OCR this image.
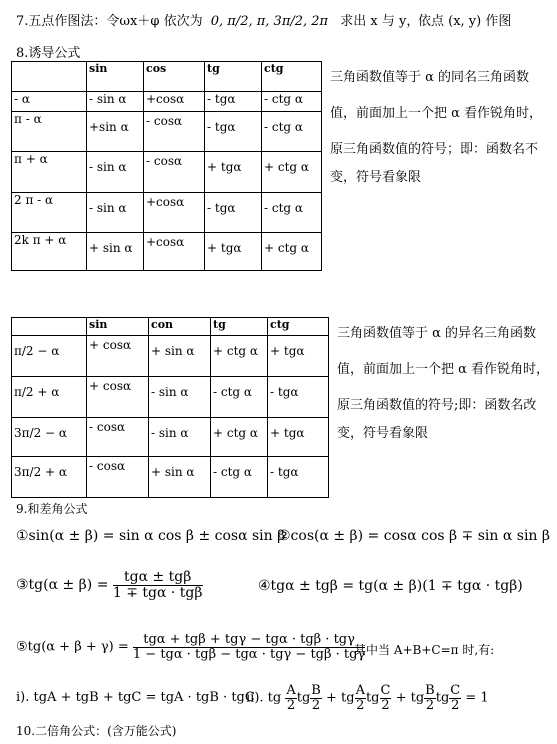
7.五点作图法：令ωx＋φ 依次为 0, π/2, π, 3π/2, 2π 求出 x 与 y，
依点 (x, y) 作图
8.诱导公式
	sin	cos	tg	ctg
- α	- sin α	+cosα	- tgα	- ctg α
π - α	+sin α	- cosα	- tgα	- ctg α

π + α	- sin α	- cosα	+ tgα	+ ctg α

2 π - α	- sin α	+cosα	- tgα	- ctg α

2k π + α	+ sin α	+cosα	+ tgα	+ ctg α
三角函数值等于 α 的同名三角函数
值，前面加上一个把 α 看作锐角时，
原三角函数值的符号；即：函数名不
变，符号看象限
	sin	con	tg	ctg

π/2 − α	+ cosα	+ sin α	+ ctg α	+ tgα

π/2 + α	+ cosα	- sin α	- ctg α	- tgα

3π/2 − α	- cosα	- sin α	+ ctg α	+ tgα

3π/2 + α	- cosα	+ sin α	- ctg α	- tgα
三角函数值等于 α 的异名三角函数
值，前面加上一个把 α 看作锐角时，
原三角函数值的符号;即：函数名改
变，符号看象限
9.和差角公式
①sin(α ± β) = sin α cos β ± cosα sin β
②cos(α ± β) = cosα cos β ∓ sin α sin β
③tg(α ± $\beta) = \frac{\text{tgα ± tgβ}}{\text{1 ∓ tgα · tgβ}}$	④tgα ± tgβ = tg(α ± β)(1 ∓ tgα · tgβ)
⑤tg(α + $\beta + \gamma) = \frac{\text{tgα + tgβ + tgγ − tgα · tgβ · tgγ}}{\text{1 − tgα · tgβ − tgα · tgγ − tgβ · tgγ}}$
其中当 A+B+C=π 时,有:
i). tgA + tgB + tgC = tgA · tgB · tgC
ii). tg $\frac{A}{2}$ tg $\frac{B}{2}$ + tg $\frac{A}{2}$ tg $\frac{C}{2}$ + tg $\frac{B}{2}$ tg $\frac{C}{2} = 1$
10.二倍角公式：(含万能公式)
